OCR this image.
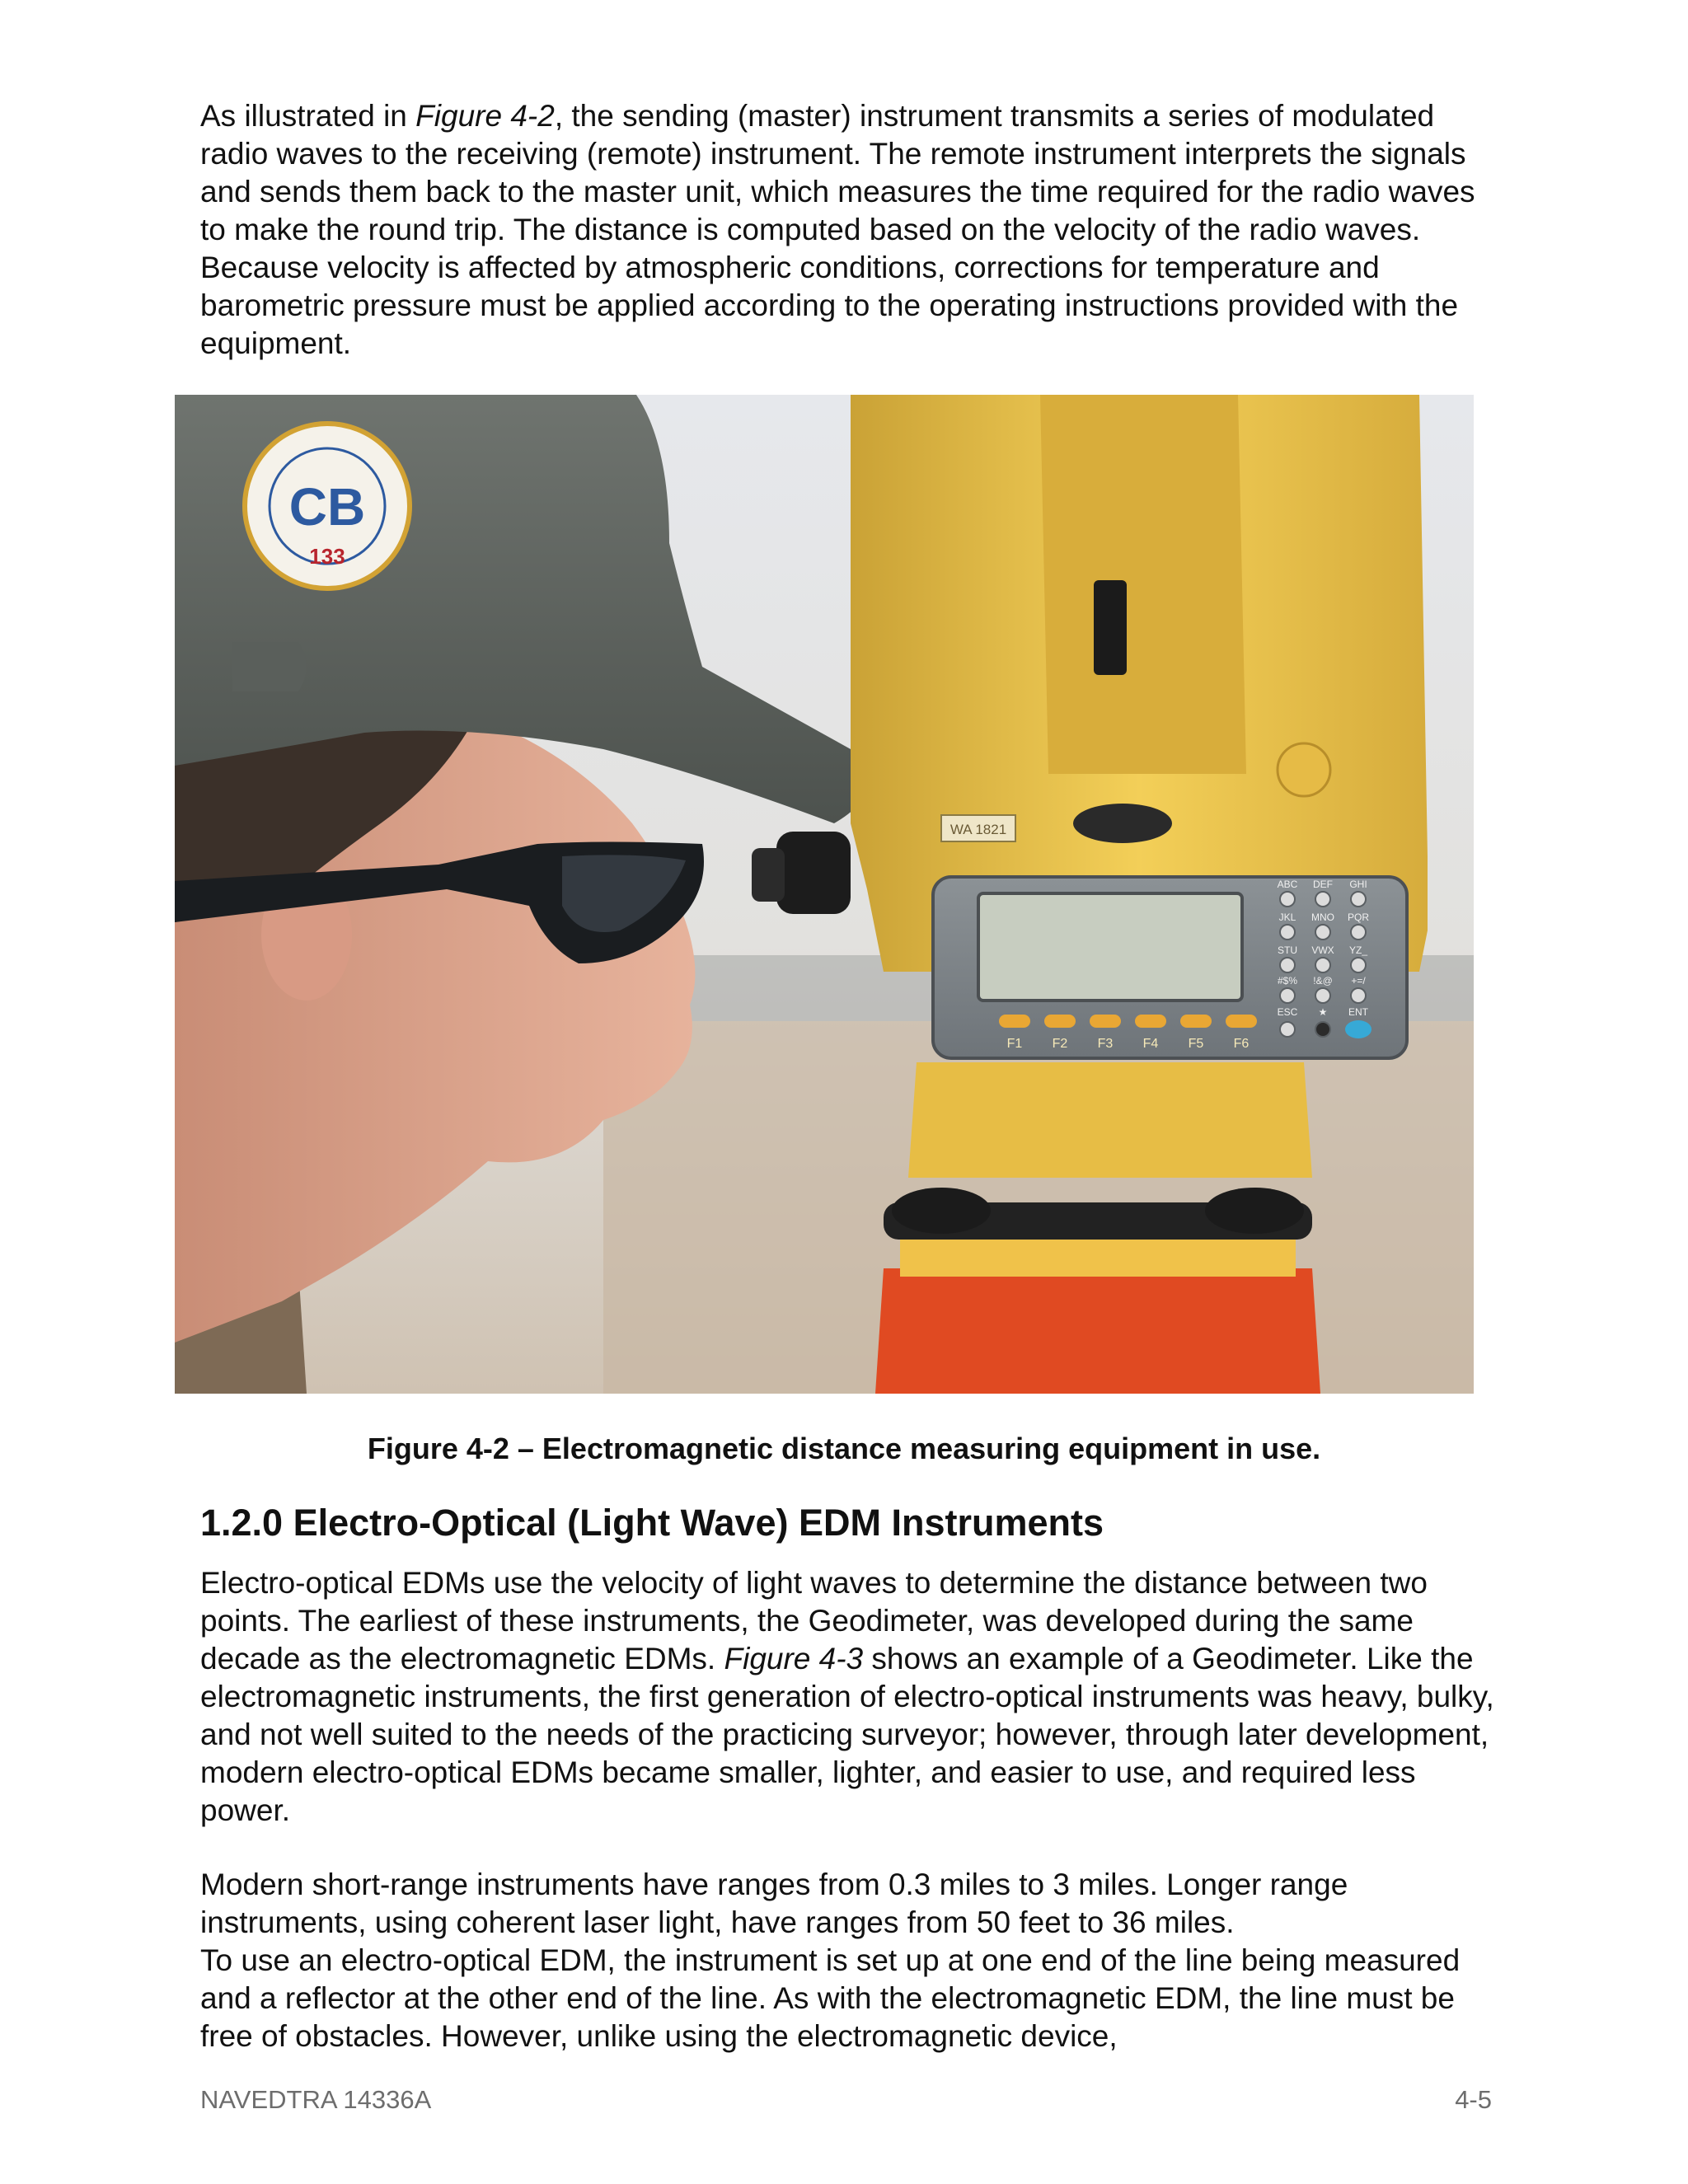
As illustrated in Figure 4-2, the sending (master) instrument transmits a series of modulated radio waves to the receiving (remote) instrument. The remote instrument interprets the signals and sends them back to the master unit, which measures the time required for the radio waves to make the round trip. The distance is computed based on the velocity of the radio waves. Because velocity is affected by atmospheric conditions, corrections for temperature and barometric pressure must be applied according to the operating instructions provided with the equipment.

CB
133
WA 1821
F1 F2 F3 F4 F5 F6
ABC DEF GHI
JKL MNO PQR
STU VWX YZ_
#$% !&@ +=/
ESC ★ ENT
Figure 4-2 – Electromagnetic distance measuring equipment in use.
1.2.0 Electro-Optical (Light Wave) EDM Instruments

Electro-optical EDMs use the velocity of light waves to determine the distance between two points. The earliest of these instruments, the Geodimeter, was developed during the same decade as the electromagnetic EDMs. Figure 4-3 shows an example of a Geodimeter. Like the electromagnetic instruments, the first generation of electro-optical instruments was heavy, bulky, and not well suited to the needs of the practicing surveyor; however, through later development, modern electro-optical EDMs became smaller, lighter, and easier to use, and required less power.

Modern short-range instruments have ranges from 0.3 miles to 3 miles. Longer range instruments, using coherent laser light, have ranges from 50 feet to 36 miles.

To use an electro-optical EDM, the instrument is set up at one end of the line being measured and a reflector at the other end of the line. As with the electromagnetic EDM, the line must be free of obstacles. However, unlike using the electromagnetic device,

NAVEDTRA 14336A	4-5
